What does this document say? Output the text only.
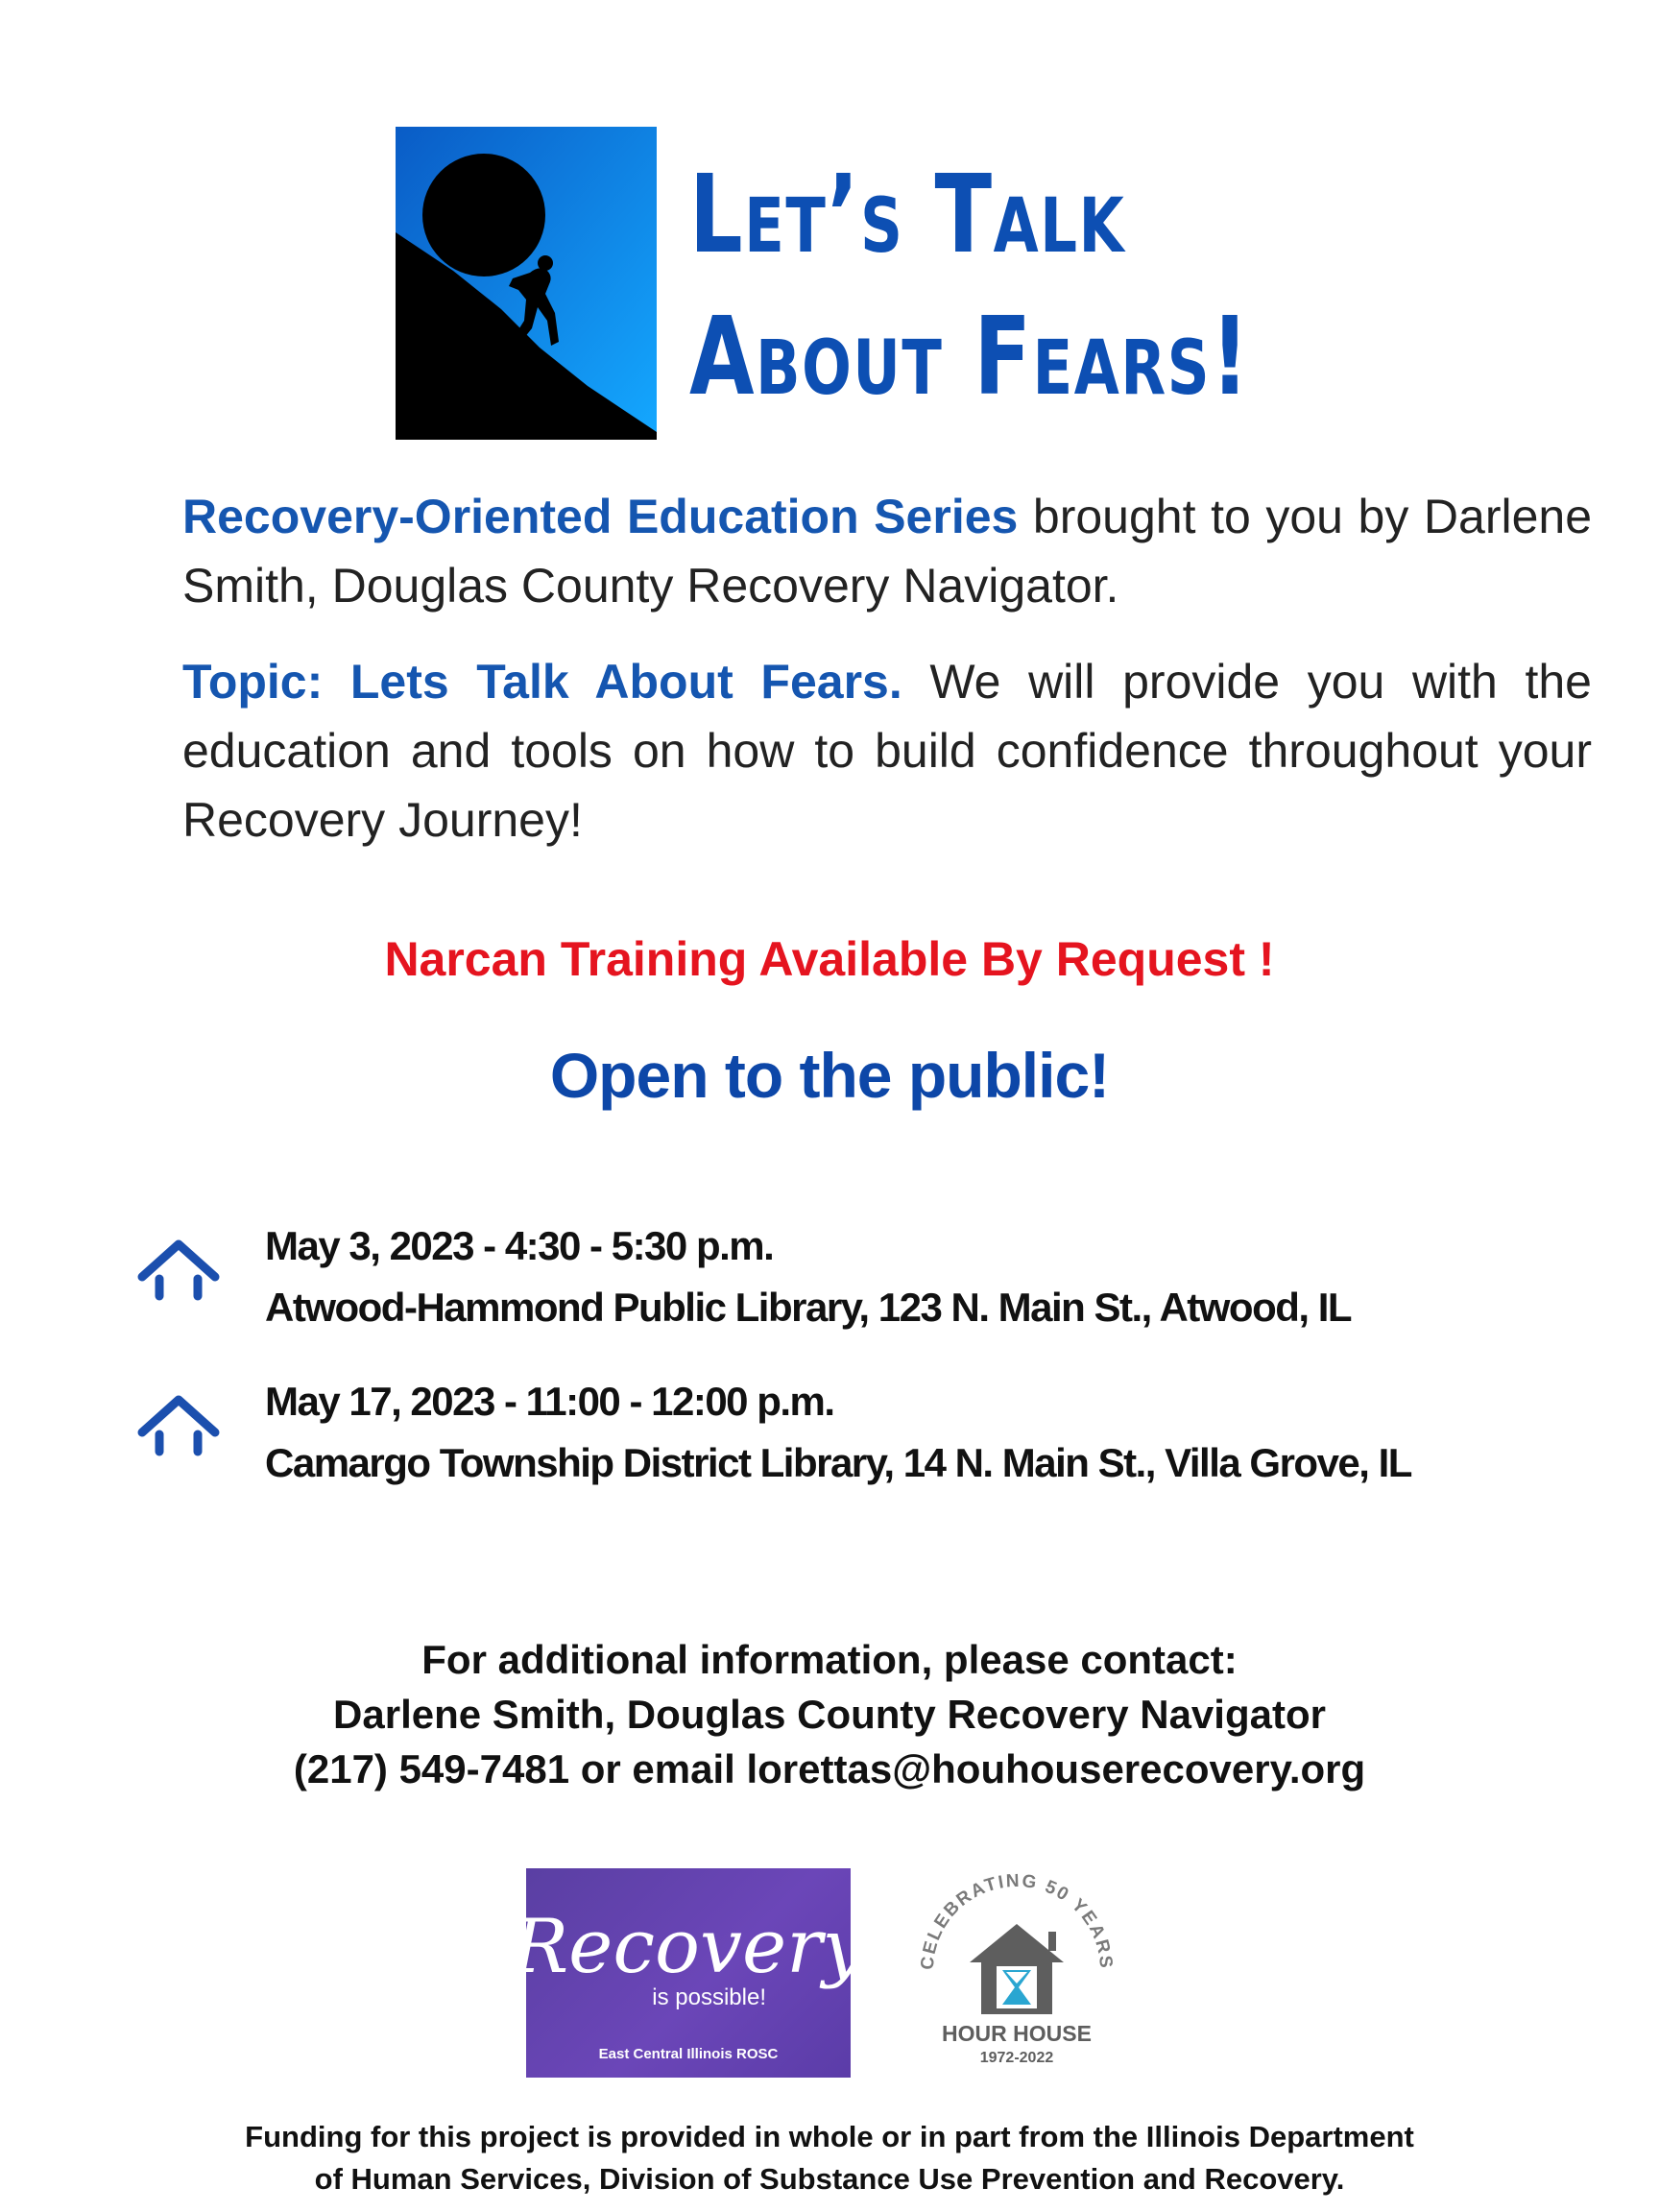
Let’s Talk
About Fears!
Recovery-Oriented Education Series brought to you by Darlene Smith, Douglas County Recovery Navigator.
Topic: Lets Talk About Fears. We will provide you with the education and tools on how to build confidence throughout your Recovery Journey!
Narcan Training Available By Request !
Open to the public!
May 3, 2023 - 4:30 - 5:30 p.m.
Atwood-Hammond Public Library, 123 N. Main St., Atwood, IL
May 17, 2023 - 11:00 - 12:00 p.m.
Camargo Township District Library, 14 N. Main St., Villa Grove, IL
For additional information, please contact:
Darlene Smith, Douglas County Recovery Navigator
(217) 549-7481 or email lorettas@houhouserecovery.org
Recovery
is possible!
East Central Illinois ROSC
CELEBRATING 50 YEARS
HOUR HOUSE
1972-2022
Funding for this project is provided in whole or in part from the Illinois Department
of Human Services, Division of Substance Use Prevention and Recovery.
